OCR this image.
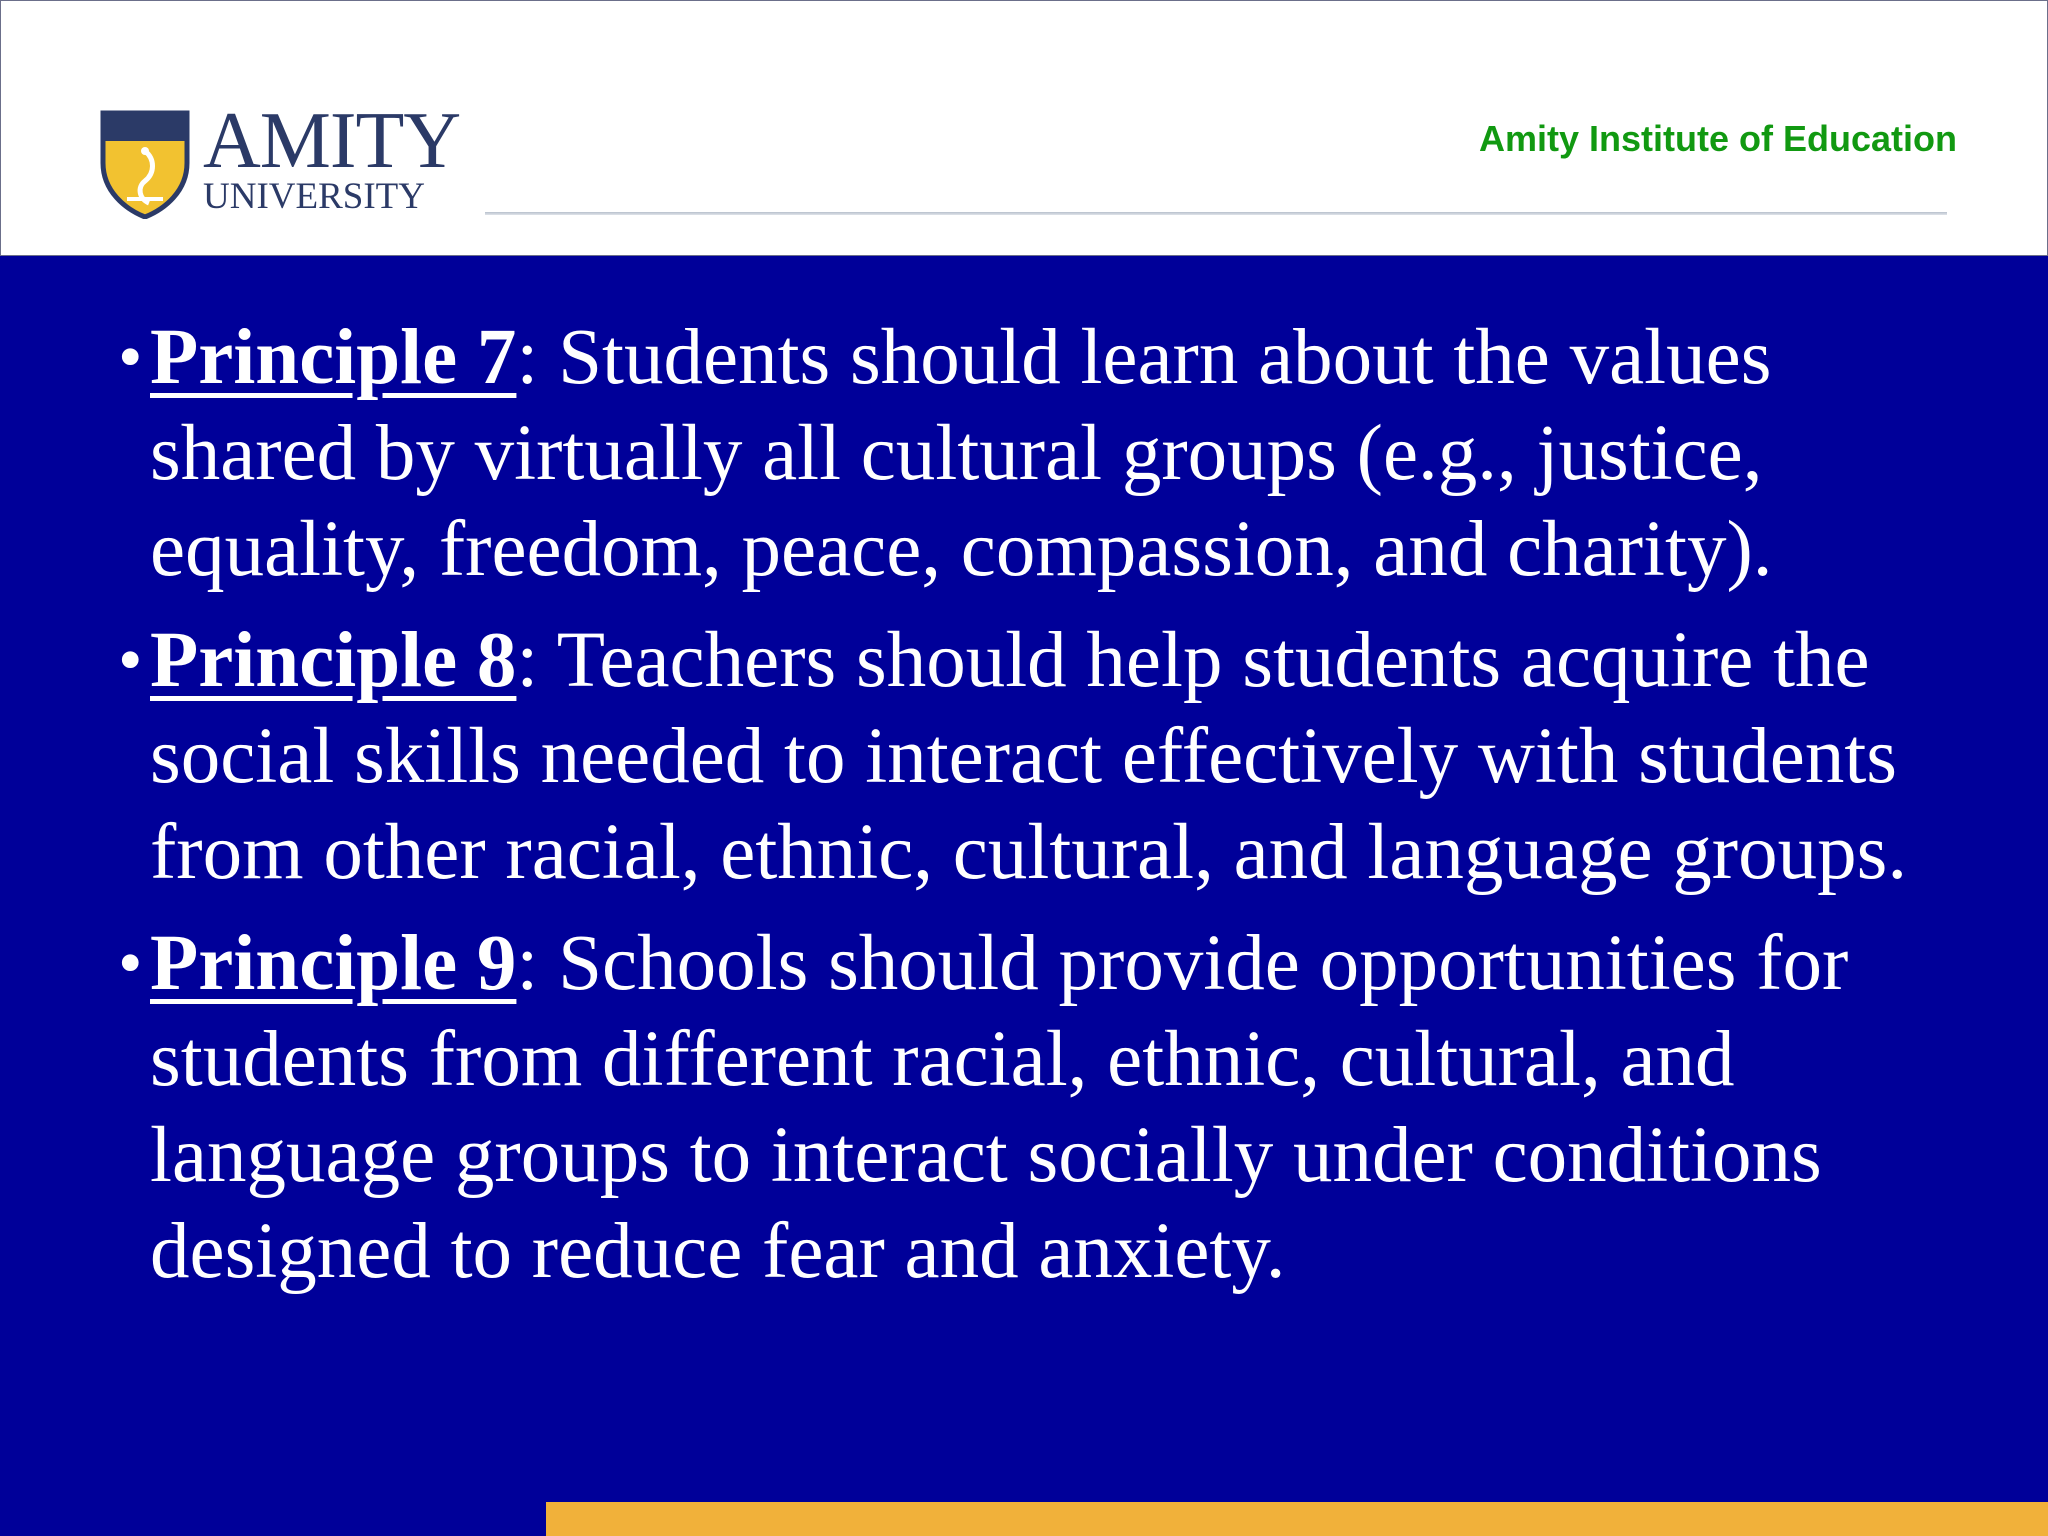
AMITY
UNIVERSITY
Amity Institute of Education
• Principle 7: Students should learn about the values shared by virtually all cultural groups (e.g., justice, equality, freedom, peace, compassion, and charity).
• Principle 8: Teachers should help students acquire the social skills needed to interact effectively with students from other racial, ethnic, cultural, and language groups.
• Principle 9: Schools should provide opportunities for students from different racial, ethnic, cultural, and language groups to interact socially under conditions designed to reduce fear and anxiety.
